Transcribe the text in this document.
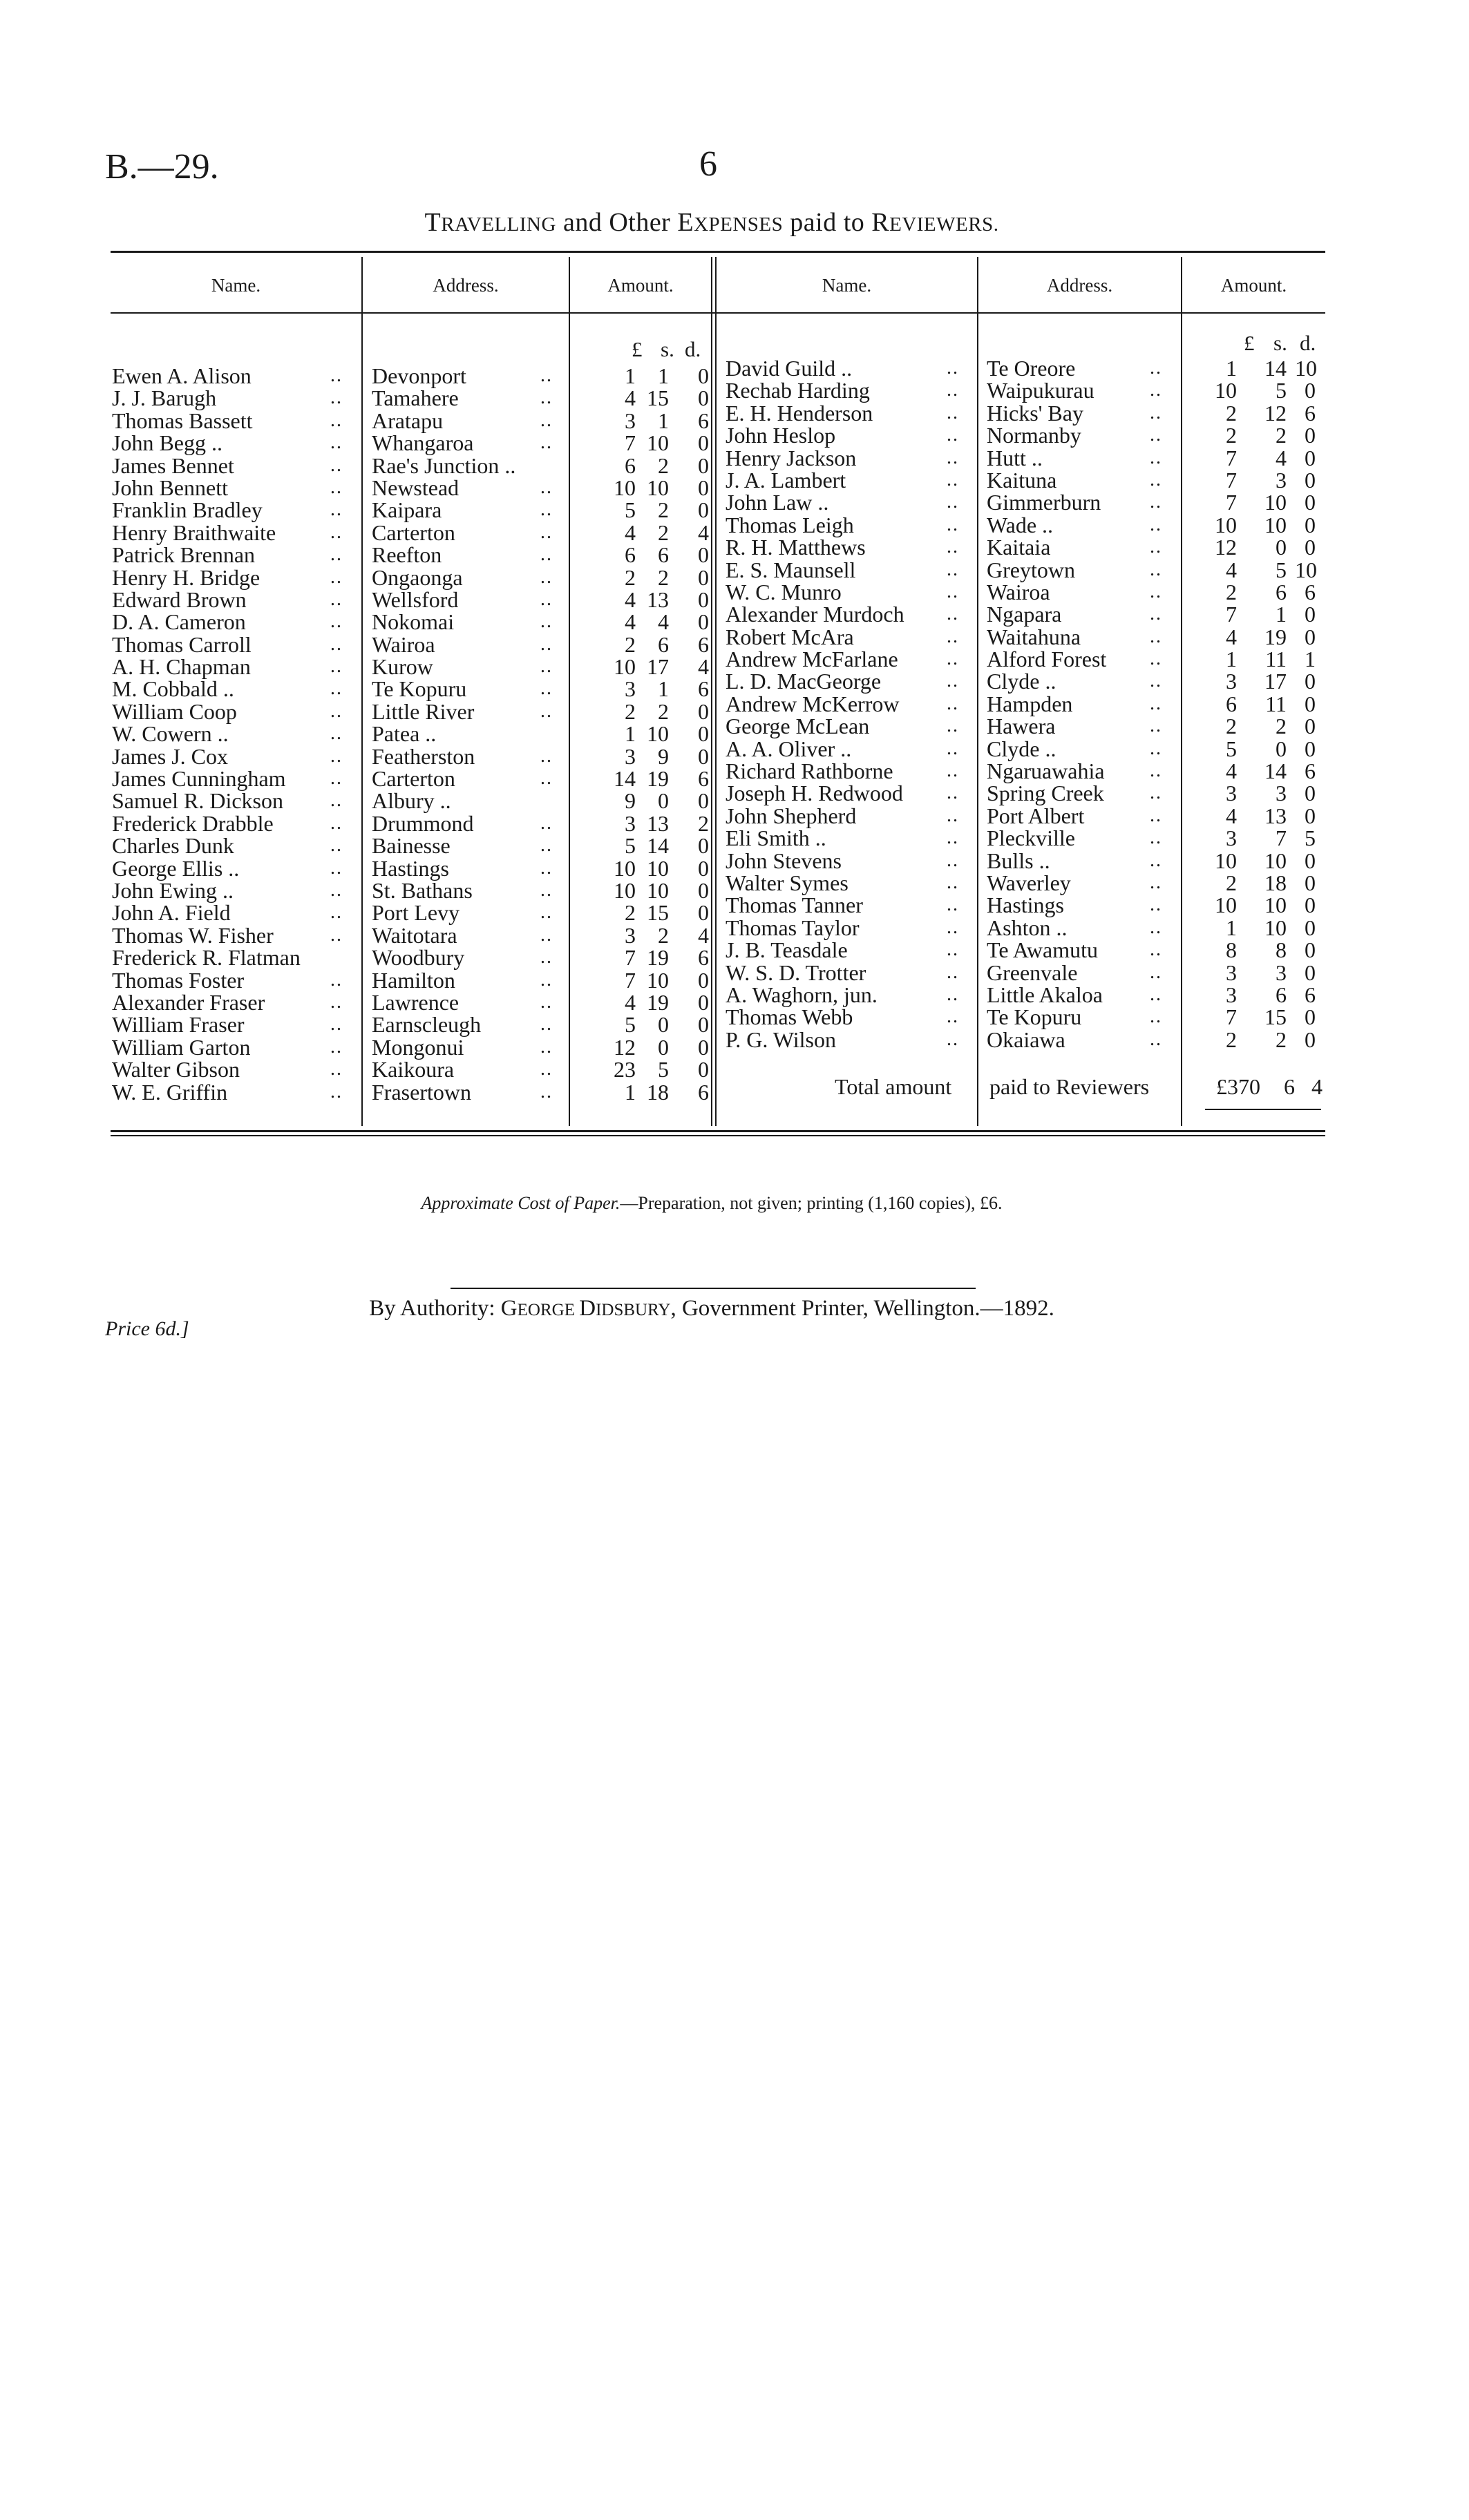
B.—29.	6
TRAVELLING and Other EXPENSES paid to REVIEWERS.
Name.	Address.	Amount.	Name.	Address.	Amount.
£ s. d.	£ s. d.
Ewen A. Alison	.. Devonport	..	1	1	0
J. J. Barugh	.. Tamahere	..	4 15	0
Thomas Bassett	.. Aratapu	..	3	1	6
John Begg ..	.. Whangaroa	..	7 10	0
James Bennet	.. Rae's Junction ..	6	2	0
John Bennett	.. Newstead	..	10 10	0
Franklin Bradley	.. Kaipara	..	5	2	0
Henry Braithwaite	.. Carterton	..	4	2	4
Patrick Brennan	.. Reefton	..	6	6	0
Henry H. Bridge	.. Ongaonga	..	2	2	0
Edward Brown	.. Wellsford	..	4 13	0
D. A. Cameron	.. Nokomai	..	4	4	0
Thomas Carroll	.. Wairoa	..	2	6	6
A. H. Chapman	.. Kurow	..	10 17	4
M. Cobbald ..	.. Te Kopuru	..	3	1	6
William Coop	.. Little River	..	2	2	0
W. Cowern ..	.. Patea ..	1 10	0
James J. Cox	.. Featherston	..	3	9	0
James Cunningham .. Carterton	..	14 19	6
Samuel R. Dickson .. Albury ..	9	0	0
Frederick Drabble	.. Drummond	..	3 13	2
Charles Dunk	.. Bainesse	..	5 14	0
George Ellis ..	.. Hastings	..	10 10	0
John Ewing ..	.. St. Bathans	..	10 10	0
John A. Field	.. Port Levy	..	2 15	0
Thomas W. Fisher	.. Waitotara	..	3	2	4
Frederick R. Flatman	Woodbury	..	7 19	6
Thomas Foster	.. Hamilton	..	7 10	0
Alexander Fraser	.. Lawrence	..	4 19	0
William Fraser	.. Earnscleugh	..	5	0	0
William Garton	.. Mongonui	..	12	0	0
Walter Gibson	.. Kaikoura	..	23	5	0
W. E. Griffin	.. Frasertown	..	1 18	6
David Guild ..	.. Te Oreore	..	1 14 10
Rechab Harding	.. Waipukurau	.. 10	5 0
E. H. Henderson	.. Hicks' Bay	..	2 12 6
John Heslop	.. Normanby	..	2	2 0
Henry Jackson	.. Hutt ..	..	7	4 0
J. A. Lambert	.. Kaituna	..	7	3 0
John Law ..	.. Gimmerburn	..	7 10 0
Thomas Leigh	.. Wade ..	.. 10 10 0
R. H. Matthews	.. Kaitaia	.. 12	0 0
E. S. Maunsell	.. Greytown	..	4	5 10
W. C. Munro	.. Wairoa	..	2	6 6
Alexander Murdoch .. Ngapara	..	7	1 0
Robert McAra	.. Waitahuna	..	4 19 0
Andrew McFarlane	.. Alford Forest ..	1 11 1
L. D. MacGeorge	.. Clyde ..	..	3 17 0
Andrew McKerrow .. Hampden	..	6 11 0
George McLean	.. Hawera	..	2	2 0
A. A. Oliver ..	.. Clyde ..	..	5	0 0
Richard Rathborne	.. Ngaruawahia ..	4 14 6
Joseph H. Redwood .. Spring Creek ..	3	3 0
John Shepherd	.. Port Albert	..	4 13 0
Eli Smith ..	.. Pleckville	..	3	7 5
John Stevens	.. Bulls ..	.. 10 10 0
Walter Symes	.. Waverley	..	2 18 0
Thomas Tanner	.. Hastings	.. 10 10 0
Thomas Taylor	.. Ashton ..	..	1 10 0
J. B. Teasdale	.. Te Awamutu	..	8	8 0
W. S. D. Trotter	.. Greenvale	..	3	3 0
A. Waghorn, jun.	.. Little Akaloa ..	3	6 6
Thomas Webb	.. Te Kopuru	..	7 15 0
P. G. Wilson	.. Okaiawa	..	2	2 0
Total amount paid to Reviewers	£370	6 4
Approximate Cost of Paper.—Preparation, not given; printing (1,160 copies), £6.
By Authority: GEORGE DIDSBURY, Government Printer, Wellington.—1892.
Price 6d.]
